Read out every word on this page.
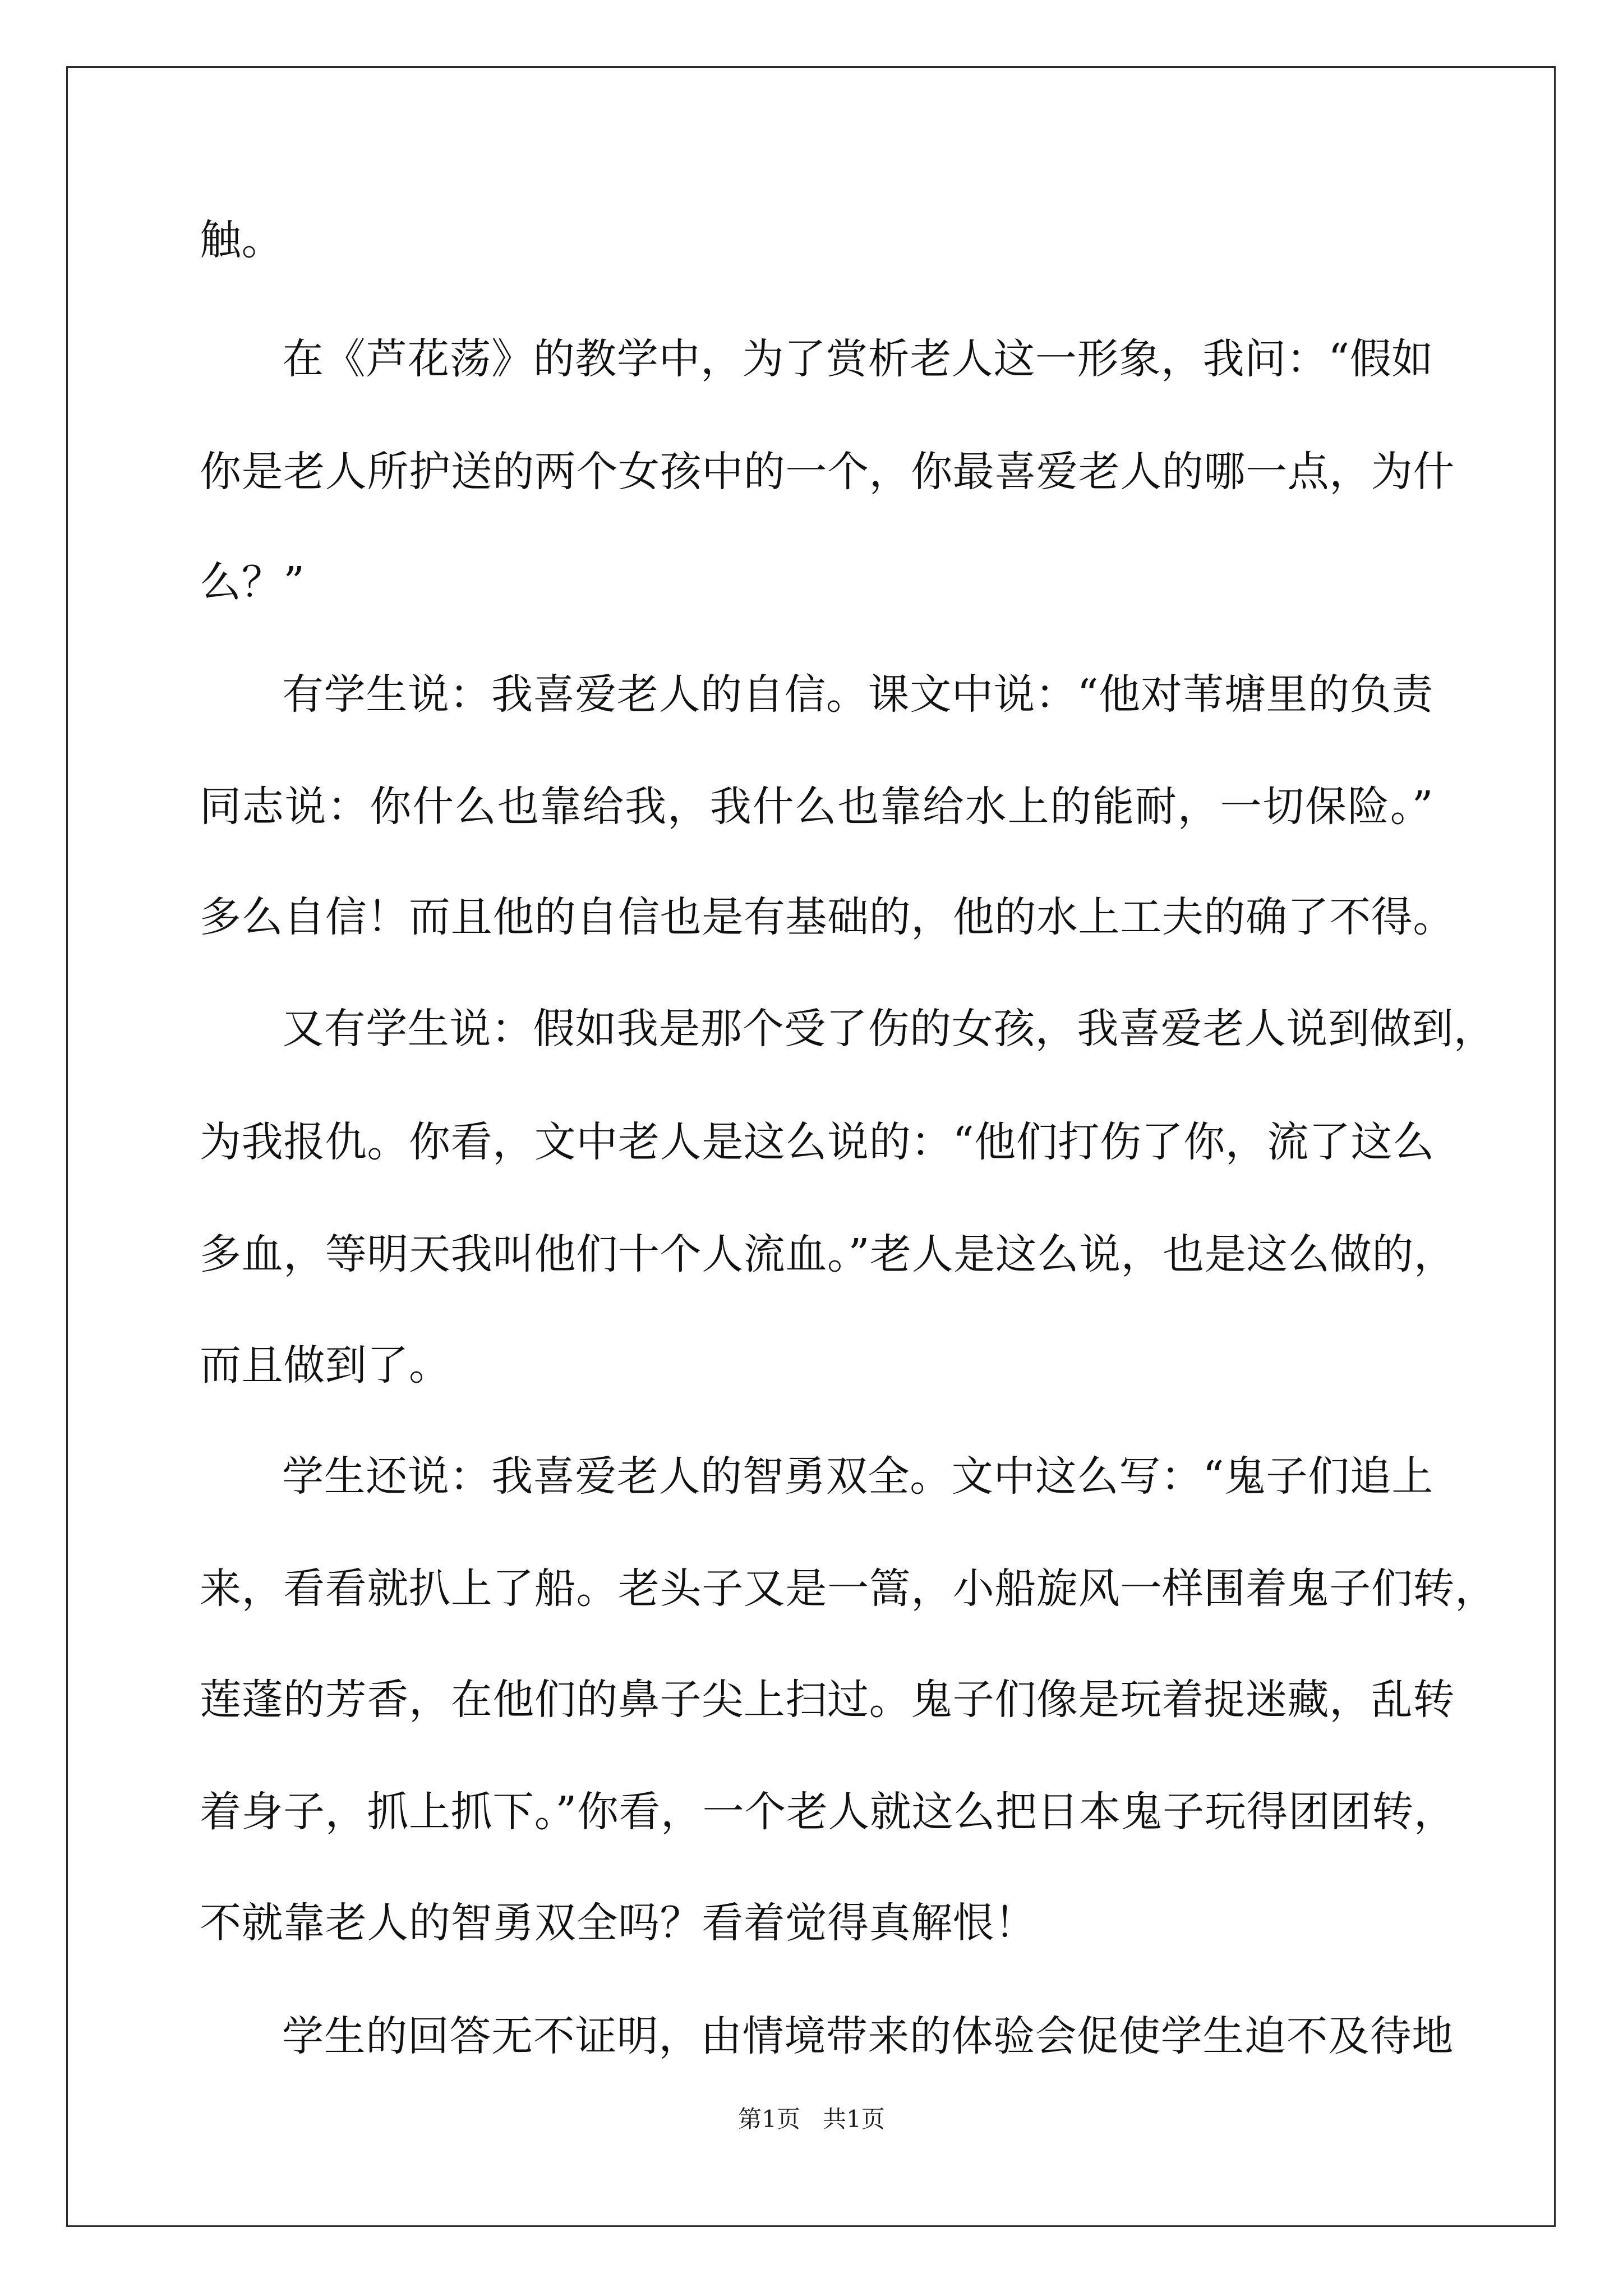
触。
在《芦花荡》的教学中，为了赏析老人这一形象，我问：“假如
你是老人所护送的两个女孩中的一个，你最喜爱老人的哪一点，为什
么？”
有学生说：我喜爱老人的自信。课文中说：“他对苇塘里的负责
同志说：你什么也靠给我，我什么也靠给水上的能耐，一切保险。”
多么自信！而且他的自信也是有基础的，他的水上工夫的确了不得。
又有学生说：假如我是那个受了伤的女孩，我喜爱老人说到做到，
为我报仇。你看，文中老人是这么说的：“他们打伤了你，流了这么
多血，等明天我叫他们十个人流血。”老人是这么说，也是这么做的，
而且做到了。
学生还说：我喜爱老人的智勇双全。文中这么写：“鬼子们追上
来，看看就扒上了船。老头子又是一篙，小船旋风一样围着鬼子们转，
莲蓬的芳香，在他们的鼻子尖上扫过。鬼子们像是玩着捉迷藏，乱转
着身子，抓上抓下。”你看，一个老人就这么把日本鬼子玩得团团转，
不就靠老人的智勇双全吗？看着觉得真解恨！
学生的回答无不证明，由情境带来的体验会促使学生迫不及待地
第1页 共1页
